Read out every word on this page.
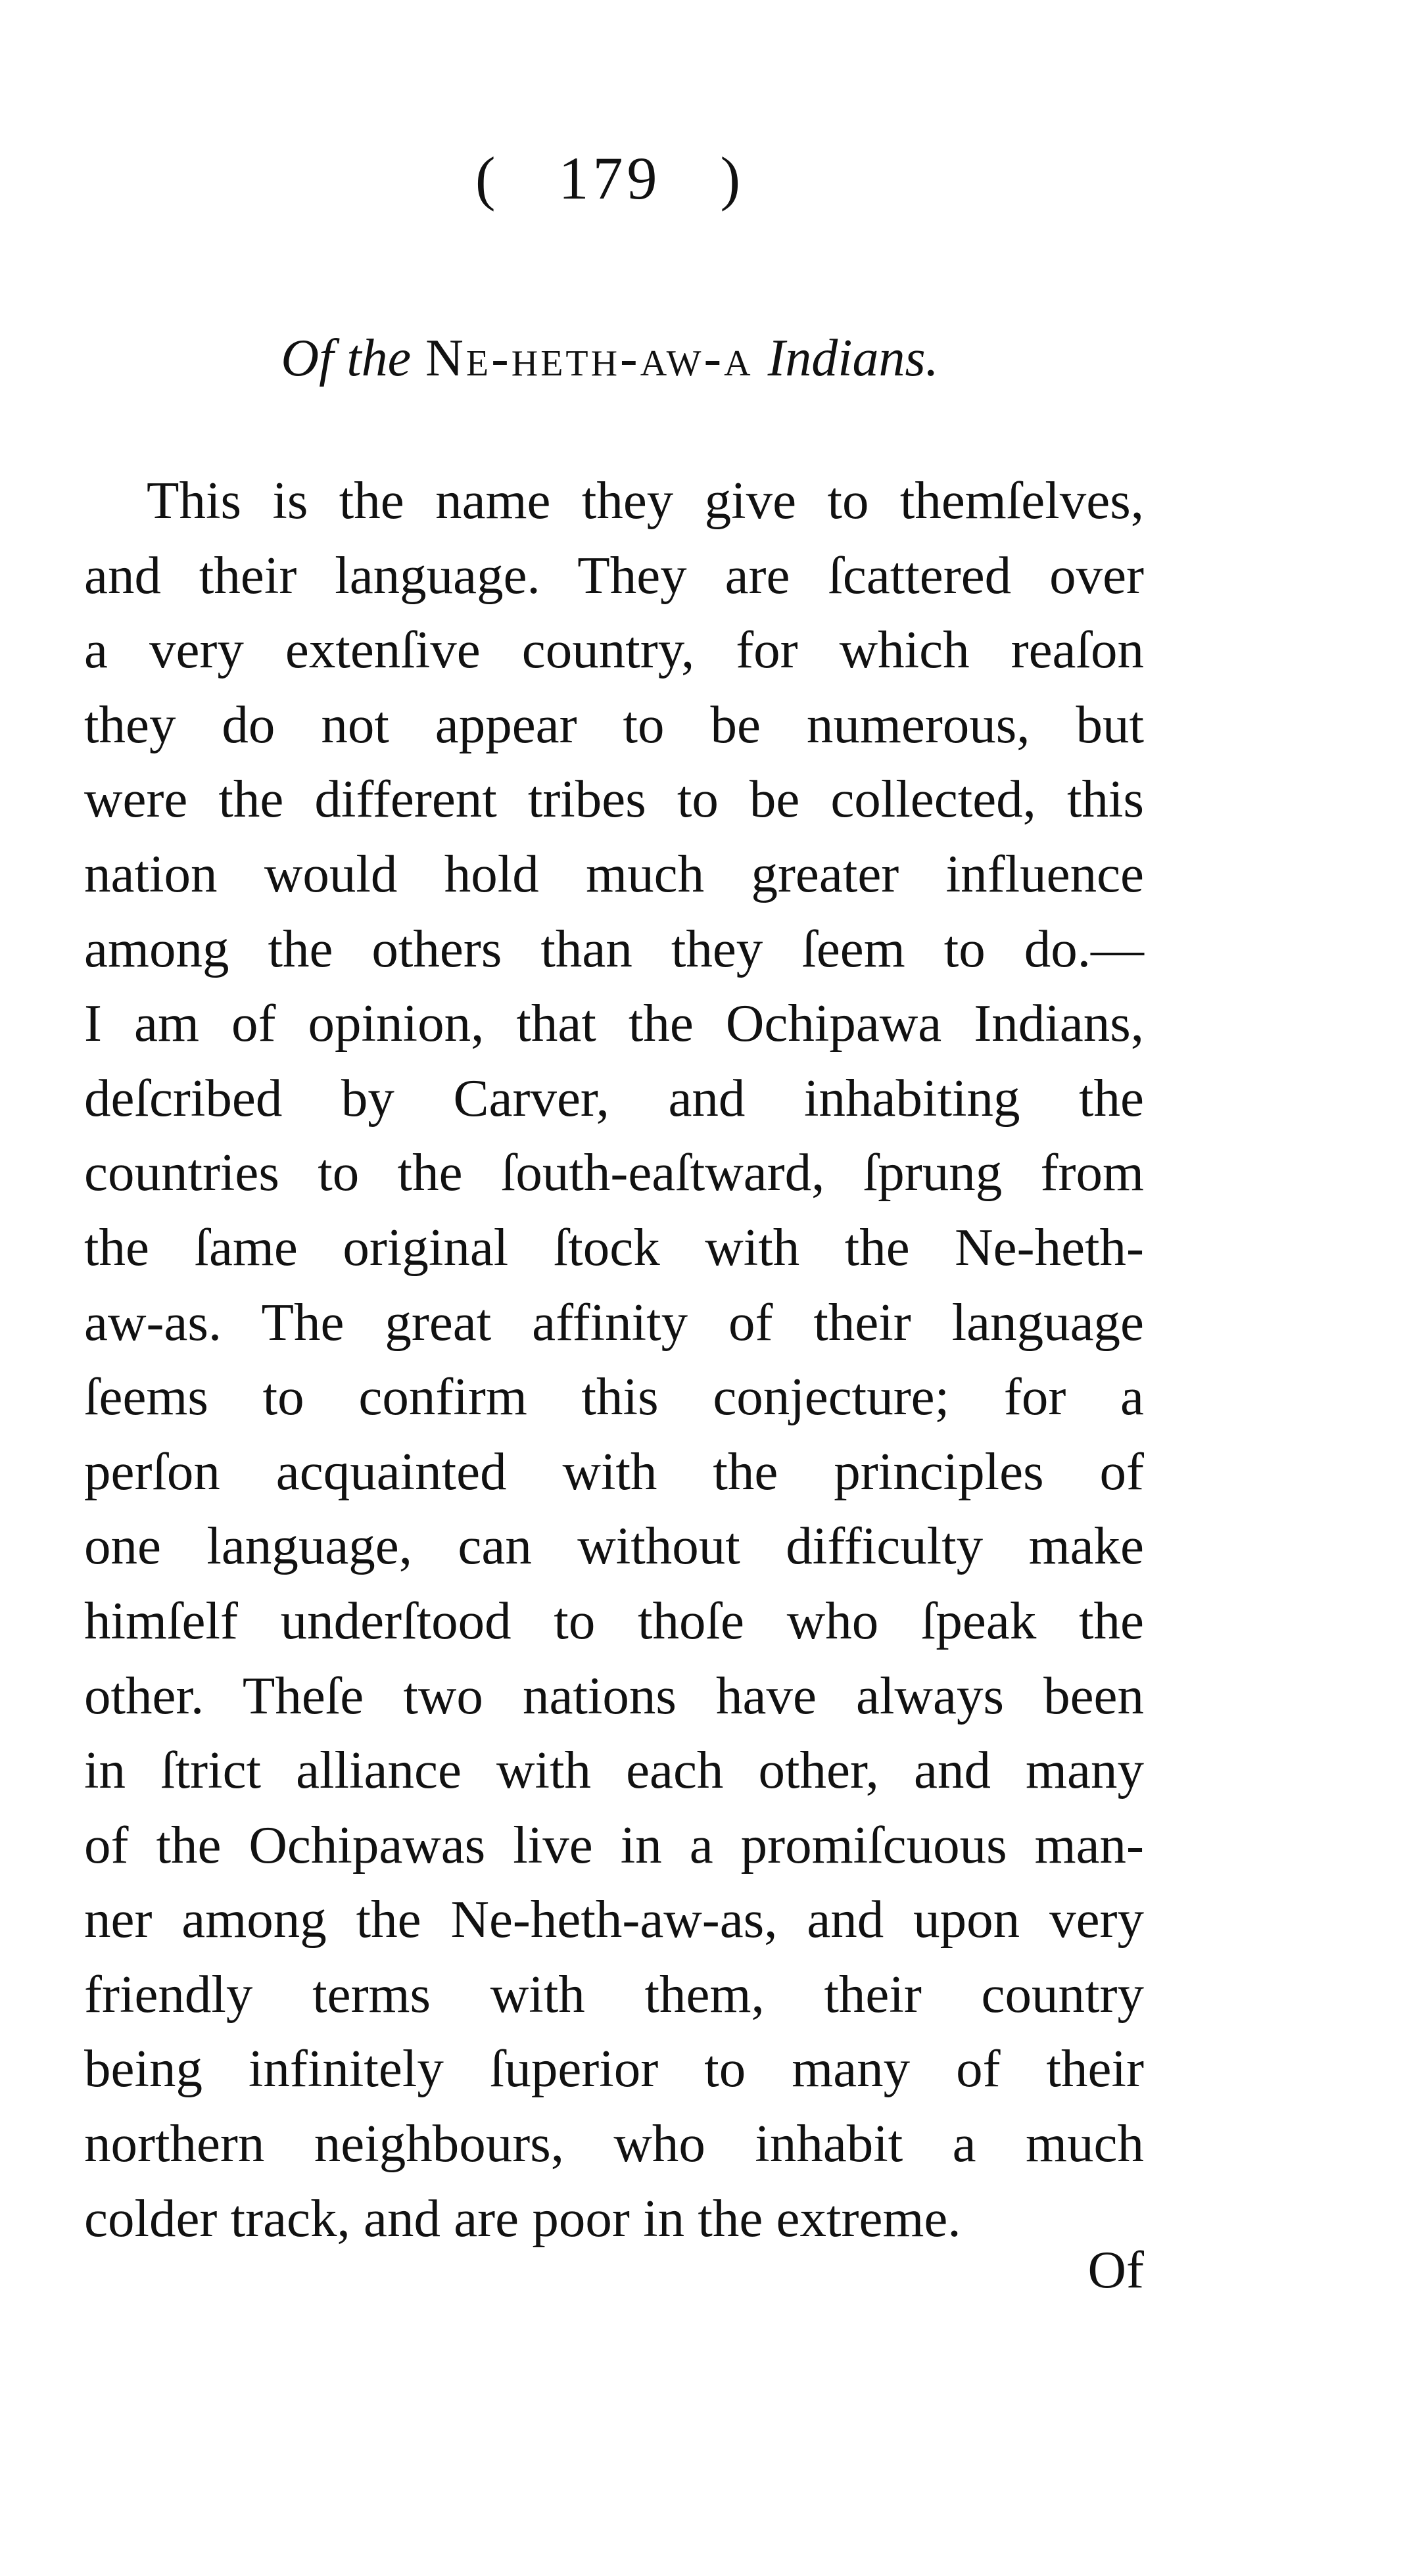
( 179 )
Of the Ne-heth-aw-a Indians.
This is the name they give to themſelves,
and their language. They are ſcattered over
a very extenſive country, for which reaſon
they do not appear to be numerous, but
were the different tribes to be collected, this
nation would hold much greater influence
among the others than they ſeem to do.—
I am of opinion, that the Ochipawa Indians,
deſcribed by Carver, and inhabiting the
countries to the ſouth-eaſtward, ſprung from
the ſame original ſtock with the Ne-heth-
aw-as. The great affinity of their language
ſeems to confirm this conjecture; for a
perſon acquainted with the principles of
one language, can without difficulty make
himſelf underſtood to thoſe who ſpeak the
other. Theſe two nations have always been
in ſtrict alliance with each other, and many
of the Ochipawas live in a promiſcuous man-
ner among the Ne-heth-aw-as, and upon very
friendly terms with them, their country
being infinitely ſuperior to many of their
northern neighbours, who inhabit a much
colder track, and are poor in the extreme.
Of
